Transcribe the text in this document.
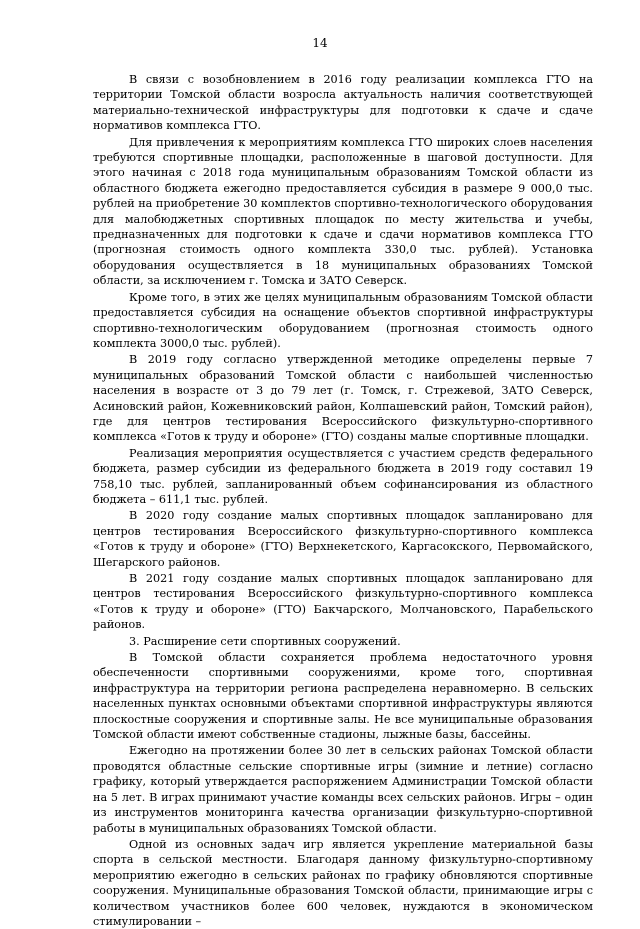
14

В связи с возобновлением в 2016 году реализации комплекса ГТО на территории Томской области возросла актуальность наличия соответствующей материально-технической инфраструктуры для подготовки к сдаче и сдаче нормативов комплекса ГТО.

Для привлечения к мероприятиям комплекса ГТО широких слоев населения требуются спортивные площадки, расположенные в шаговой доступности. Для этого начиная с 2018 года муниципальным образованиям Томской области из областного бюджета ежегодно предоставляется субсидия в размере 9 000,0 тыс. рублей на приобретение 30 комплектов спортивно-технологического оборудования для малобюджетных спортивных площадок по месту жительства и учебы, предназначенных для подготовки к сдаче и сдачи нормативов комплекса ГТО (прогнозная стоимость одного комплекта 330,0 тыс. рублей). Установка оборудования осуществляется в 18 муниципальных образованиях Томской области, за исключением г. Томска и ЗАТО Северск.

Кроме того, в этих же целях муниципальным образованиям Томской области предоставляется субсидия на оснащение объектов спортивной инфраструктуры спортивно-технологическим оборудованием (прогнозная стоимость одного комплекта 3000,0 тыс. рублей).

В 2019 году согласно утвержденной методике определены первые 7 муниципальных образований Томской области с наибольшей численностью населения в возрасте от 3 до 79 лет (г. Томск, г. Стрежевой, ЗАТО Северск, Асиновский район, Кожевниковский район, Колпашевский район, Томский район), где для центров тестирования Всероссийского физкультурно-спортивного комплекса «Готов к труду и обороне» (ГТО) созданы малые спортивные площадки.

Реализация мероприятия осуществляется с участием средств федерального бюджета, размер субсидии из федерального бюджета в 2019 году составил 19 758,10 тыс. рублей, запланированный объем софинансирования из областного бюджета – 611,1 тыс. рублей.

В 2020 году создание малых спортивных площадок запланировано для центров тестирования Всероссийского физкультурно-спортивного комплекса «Готов к труду и обороне» (ГТО) Верхнекетского, Каргасокского, Первомайского, Шегарского районов.

В 2021 году создание малых спортивных площадок запланировано для центров тестирования Всероссийского физкультурно-спортивного комплекса «Готов к труду и обороне» (ГТО) Бакчарского, Молчановского, Парабельского районов.

3. Расширение сети спортивных сооружений.

В Томской области сохраняется проблема недостаточного уровня обеспеченности спортивными сооружениями, кроме того, спортивная инфраструктура на территории региона распределена неравномерно. В сельских населенных пунктах основными объектами спортивной инфраструктуры являются плоскостные сооружения и спортивные залы. Не все муниципальные образования Томской области имеют собственные стадионы, лыжные базы, бассейны.

Ежегодно на протяжении более 30 лет в сельских районах Томской области проводятся областные сельские спортивные игры (зимние и летние) согласно графику, который утверждается распоряжением Администрации Томской области на 5 лет. В играх принимают участие команды всех сельских районов. Игры – один из инструментов мониторинга качества организации физкультурно-спортивной работы в муниципальных образованиях Томской области.

Одной из основных задач игр является укрепление материальной базы спорта в сельской местности. Благодаря данному физкультурно-спортивному мероприятию ежегодно в сельских районах по графику обновляются спортивные сооружения. Муниципальные образования Томской области, принимающие игры с количеством участников более 600 человек, нуждаются в экономическом стимулировании –
